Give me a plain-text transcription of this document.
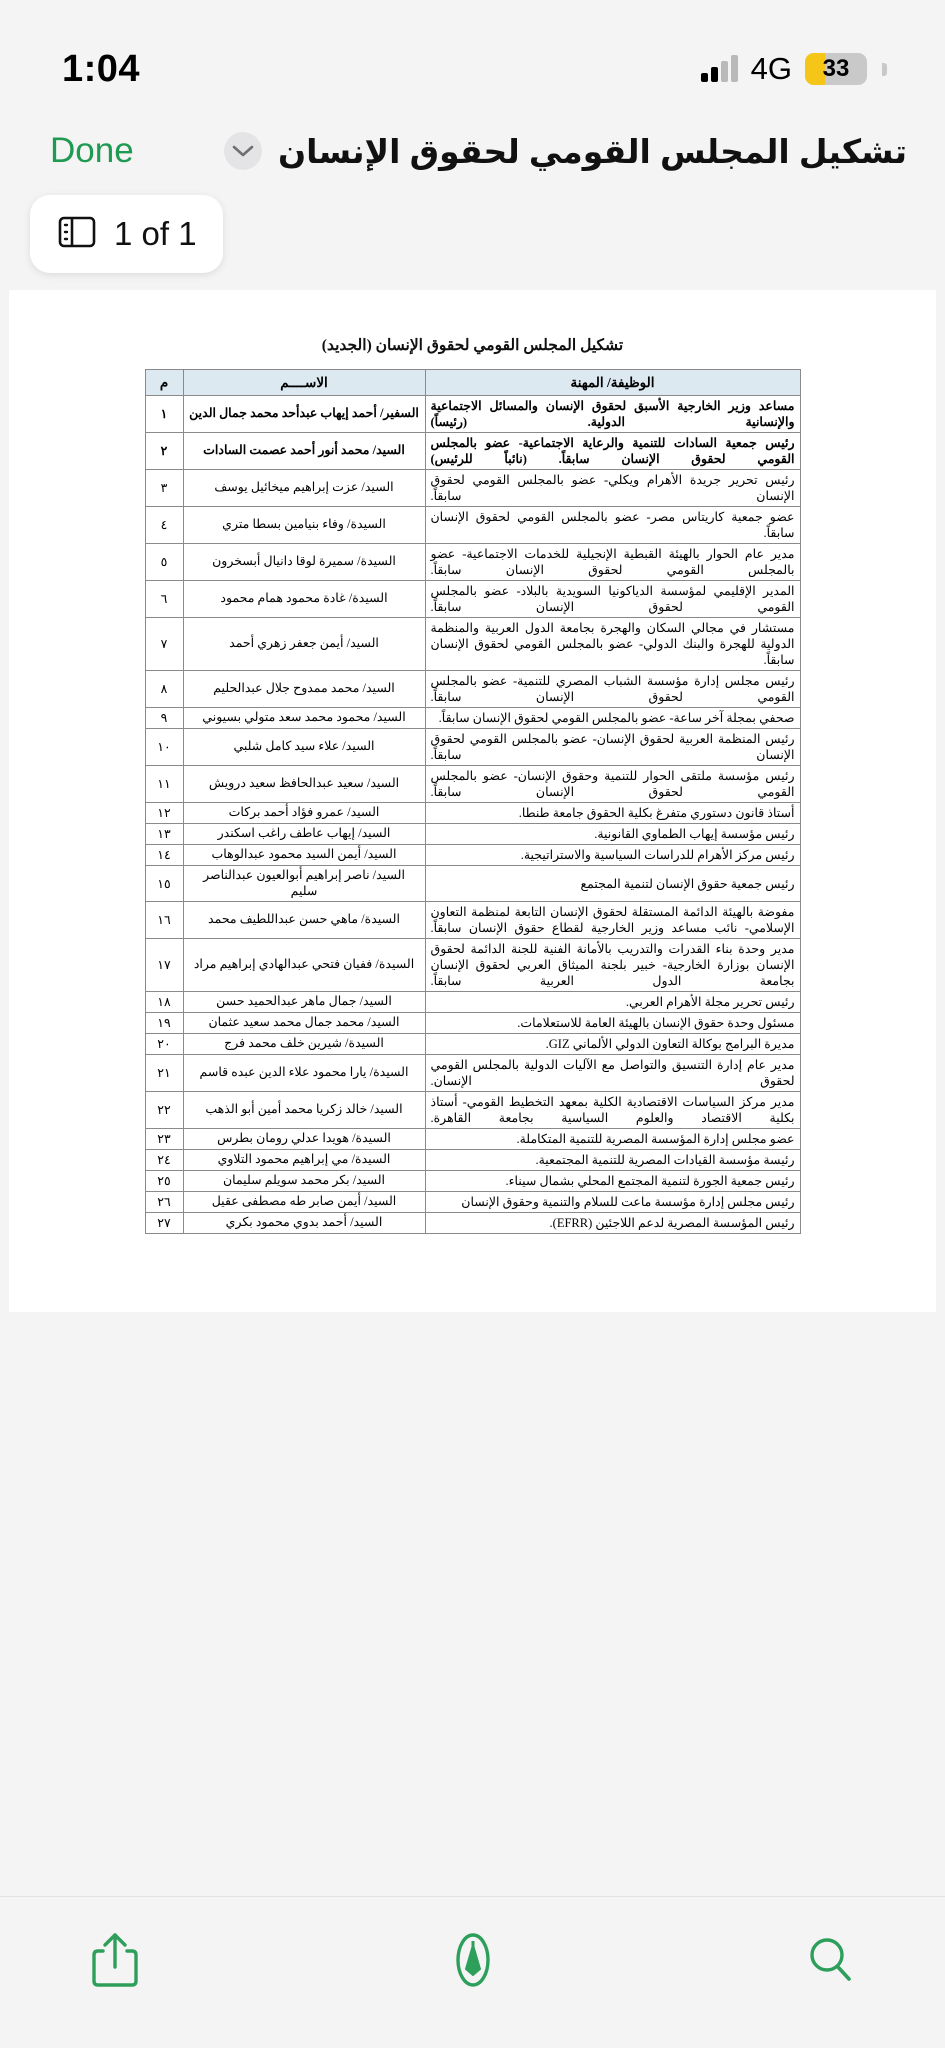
1:04	4G	33
Done	تشكيل المجلس القومي لحقوق الإنسان
1 of 1
تشكيل المجلس القومي لحقوق الإنسان (الجديد)
الوظيفة/ المهنة	الاســــم	م
مساعد وزير الخارجية الأسبق لحقوق الإنسان والمسائل الاجتماعية والإنسانية الدولية. (رئيساً)	السفير/ أحمد إيهاب عبدأحد محمد جمال الدين	١
رئيس جمعية السادات للتنمية والرعاية الاجتماعية- عضو بالمجلس القومي لحقوق الإنسان سابقاً. (نائباً للرئيس)	السيد/ محمد أنور أحمد عصمت السادات	٢
رئيس تحرير جريدة الأهرام ويكلي- عضو بالمجلس القومي لحقوق الإنسان سابقاً.	السيد/ عزت إبراهيم ميخائيل يوسف	٣
عضو جمعية كاريتاس مصر- عضو بالمجلس القومي لحقوق الإنسان سابقاً.	السيدة/ وفاء بنيامين بسطا متري	٤
مدير عام الحوار بالهيئة القبطية الإنجيلية للخدمات الاجتماعية- عضو بالمجلس القومي لحقوق الإنسان سابقاً.	السيدة/ سميرة لوقا دانيال أبسخرون	٥
المدير الإقليمي لمؤسسة الدياكونيا السويدية بالبلاد- عضو بالمجلس القومي لحقوق الإنسان سابقاً.	السيدة/ غادة محمود همام محمود	٦
مستشار في مجالي السكان والهجرة بجامعة الدول العربية والمنظمة الدولية للهجرة والبنك الدولي- عضو بالمجلس القومي لحقوق الإنسان سابقاً.	السيد/ أيمن جعفر زهري أحمد	٧
رئيس مجلس إدارة مؤسسة الشباب المصري للتنمية- عضو بالمجلس القومي لحقوق الإنسان سابقاً.	السيد/ محمد ممدوح جلال عبدالحليم	٨
صحفي بمجلة آخر ساعة- عضو بالمجلس القومي لحقوق الإنسان سابقاً.	السيد/ محمود محمد سعد متولي بسيوني	٩
رئيس المنظمة العربية لحقوق الإنسان- عضو بالمجلس القومي لحقوق الإنسان سابقاً.	السيد/ علاء سيد كامل شلبي	١٠
رئيس مؤسسة ملتقى الحوار للتنمية وحقوق الإنسان- عضو بالمجلس القومي لحقوق الإنسان سابقاً.	السيد/ سعيد عبدالحافظ سعيد درويش	١١
أستاذ قانون دستوري متفرغ بكلية الحقوق جامعة طنطا.	السيد/ عمرو فؤاد أحمد بركات	١٢
رئيس مؤسسة إيهاب الطماوي القانونية.	السيد/ إيهاب عاطف راغب اسكندر	١٣
رئيس مركز الأهرام للدراسات السياسية والاستراتيجية.	السيد/ أيمن السيد محمود عبدالوهاب	١٤
رئيس جمعية حقوق الإنسان لتنمية المجتمع	السيد/ ناصر إبراهيم أبوالعيون عبدالناصر سليم	١٥
مفوضة بالهيئة الدائمة المستقلة لحقوق الإنسان التابعة لمنظمة التعاون الإسلامي- نائب مساعد وزير الخارجية لقطاع حقوق الإنسان سابقاً.	السيدة/ ماهي حسن عبداللطيف محمد	١٦
مدير وحدة بناء القدرات والتدريب بالأمانة الفنية للجنة الدائمة لحقوق الإنسان بوزارة الخارجية- خبير بلجنة الميثاق العربي لحقوق الإنسان بجامعة الدول العربية سابقاً.	السيدة/ ففيان فتحي عبدالهادي إبراهيم مراد	١٧
رئيس تحرير مجلة الأهرام العربي.	السيد/ جمال ماهر عبدالحميد حسن	١٨
مسئول وحدة حقوق الإنسان بالهيئة العامة للاستعلامات.	السيد/ محمد جمال محمد سعيد عثمان	١٩
مديرة البرامج بوكالة التعاون الدولي الألماني GIZ.	السيدة/ شيرين خلف محمد فرج	٢٠
مدير عام إدارة التنسيق والتواصل مع الآليات الدولية بالمجلس القومي لحقوق الإنسان.	السيدة/ يارا محمود علاء الدين عبده قاسم	٢١
مدير مركز السياسات الاقتصادية الكلية بمعهد التخطيط القومي- أستاذ بكلية الاقتصاد والعلوم السياسية بجامعة القاهرة.	السيد/ خالد زكريا محمد أمين أبو الذهب	٢٢
عضو مجلس إدارة المؤسسة المصرية للتنمية المتكاملة.	السيدة/ هويدا عدلي رومان بطرس	٢٣
رئيسة مؤسسة القيادات المصرية للتنمية المجتمعية.	السيدة/ مي إبراهيم محمود التلاوي	٢٤
رئيس جمعية الجورة لتنمية المجتمع المحلي بشمال سيناء.	السيد/ بكر محمد سويلم سليمان	٢٥
رئيس مجلس إدارة مؤسسة ماعت للسلام والتنمية وحقوق الإنسان	السيد/ أيمن صابر طه مصطفى عقيل	٢٦
رئيس المؤسسة المصرية لدعم اللاجئين (EFRR).	السيد/ أحمد بدوي محمود بكري	٢٧
